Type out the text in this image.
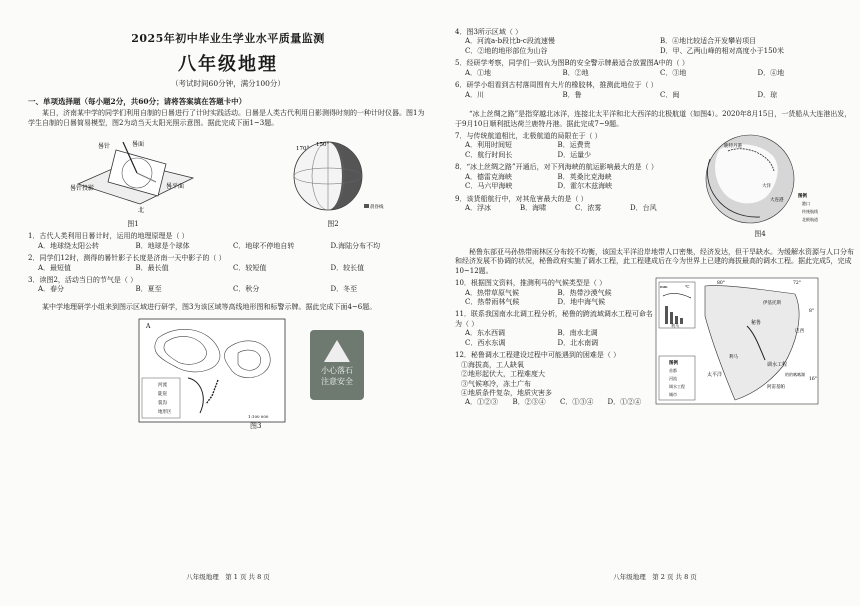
2025年初中毕业生学业水平质量监测
八年级地理
（考试时间60分钟，满分100分）
一、单项选择题（每小题2分，共60分；请将答案填在答题卡中）

某日，济南某中学的同学们利用自制的日晷进行了计时实践活动。日晷是人类古代利用日影测得时刻的一种计时仪器。图1为学生自制的日晷简易模型，图2为动当天太阳光照示意图。据此完成下面1~3题。

晷针	晷面
晷针投影	晷平面
北
图1
170°
150°
晨昏线
图2

1．古代人类利用日晷计时，运用的地理原理是（ ）

A．地球绕太阳公转	B．地球是个球体	C．地球不停地自转	D.海陆分布不均

2．同学们12时，测得的晷针影子长度是济南一天中影子的（ ）

A．最短值	B．最长值	C．较短值	D．较长值

3．读图2，活动当日的节气是（ ）

A．春分	B．夏至	C．秋分	D．冬至

某中学地理研学小组来到图示区域进行研学，图3为该区域等高线地形图和标警示牌。据此完成下面4~6题。

河流
陡崖
裂沟
地形区
1:100 000
A
小心落石
注意安全
图3
八年级地理　第 1 页 共 8 页

4．图3所示区域（ ）

A．河流a-b段比b-c段流速慢	B．④地比较适合开发攀岩项目
C．②地的地形部位为山谷	D．甲、乙两山峰的相对高度小于150米

5．经研学考察，同学们一致认为图B的安全警示牌最适合放置图A中的（ ）

A．①地	B．②地	C．③地	D．④地

6．研学小组看到古村落周围有大片的橡胶林，推测此地位于（ ）

A．川	B．鲁	C．闽	D．琼

“冰上丝绸之路”是指穿越北冰洋，连接北太平洋和北大西洋的北极航道（如图4）。2020年8月15日，一货船从大连港出发，于9月10日顺利抵达荷兰鹿特丹港。据此完成7~9题。

7．与传统航道相比，北极航道的局限在于（ ）

A．利用时间短	B．运费贵
C．航行时间长	D．运量少

8．“冰上丝绸之路”开通后，对下列海峡的航运影响最大的是（ ）

A．德雷克海峡	B．英桑比克海峡
C．马六甲海峡	D．霍尔木兹海峡

9．该货船航行中，对其危害最大的是（ ）

A．浮冰	B．海啸	C．浓雾	D．台风
鹿特丹港
大连港
大洋
图例
港口
传统航线
北极航道
图4

秘鲁东部亚马孙热带雨林区分布较不均衡，该国太平洋沿岸地带人口密集，经济发达，但干旱缺水。为缓解水资源与人口分布和经济发展不协调的状况，秘鲁政府实施了调水工程，此工程建成后在今为世界上已建的海拔最高的调水工程。据此完成5，完成10~12题。

10．根据图文资料，推测利马的气候类型是（ ）

A．热带草原气候	B．热带沙漠气候
C．热带雨林气候	D．地中海气候

11．联系我国南水北调工程分析，秘鲁的跨流域调水工程可命名为（ ）

A．东水西调	B．南水北调
C．西水东调	D．北水南调

12．秘鲁调水工程建设过程中可能遇到的困难是（ ）

①海拔高，工人缺氧

②地形起伏大，工程难度大

③气候寒冷，冻土广布

④地质条件复杂，地质灾害多

A．①②③	B．②③④	C．①③④	D．①②④
mm	℃
利马
80°	72°
利马
太平洋
调水工程
伊基托斯
秘鲁
巴西
阿雷基帕
的的喀喀湖
8°
16°
图例
首都
河流
调水工程
城市
八年级地理　第 2 页 共 8 页
